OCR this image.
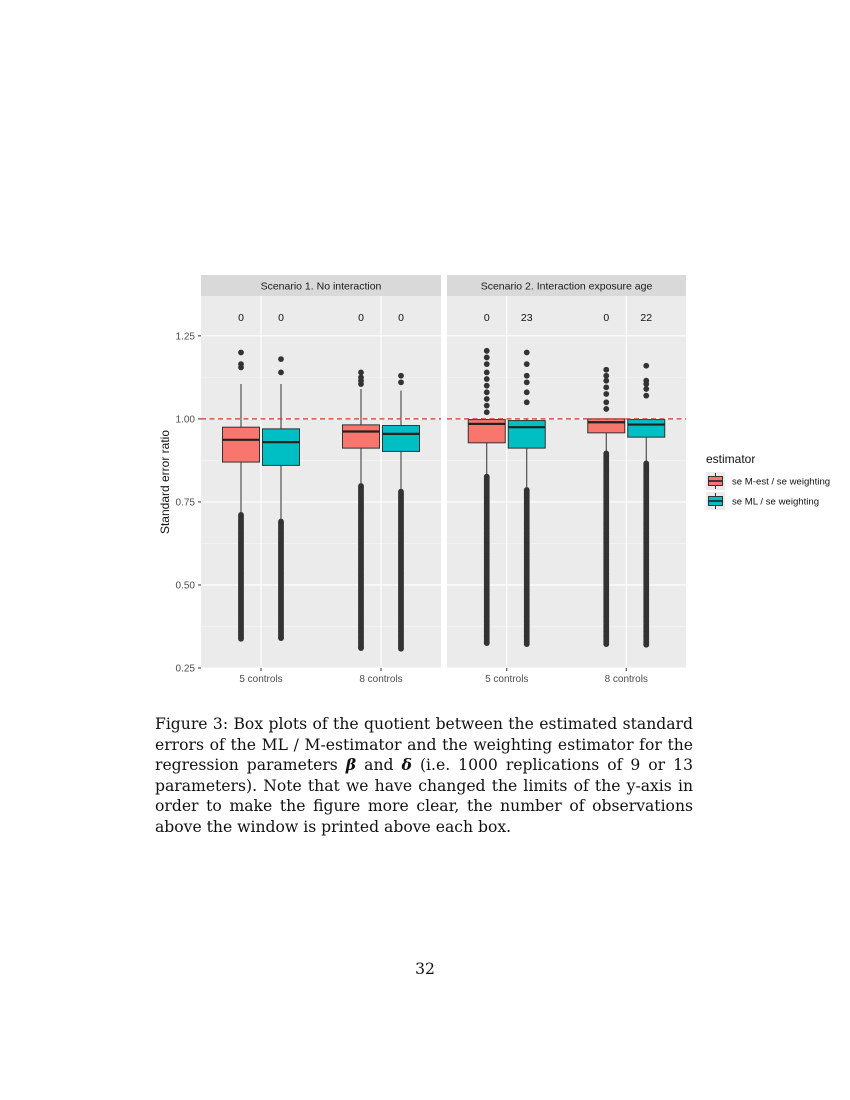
Scenario 1. No interaction
0	0	0	0
Scenario 2. Interaction exposure age
0	23	0	22
5 controls	8 controls	5 controls	8 controls
0.25
0.50
0.75
1.00
1.25
Standard error ratio	estimator
se M-est / se weighting
se ML / se weighting

Figure 3: Box plots of the quotient between the estimated standard errors of the ML / M-estimator and the weighting estimator for the regression parameters β and δ (i.e. 1000 replications of 9 or 13 parameters). Note that we have changed the limits of the y-axis in order to make the figure more clear, the number of observations above the window is printed above each box.

32
